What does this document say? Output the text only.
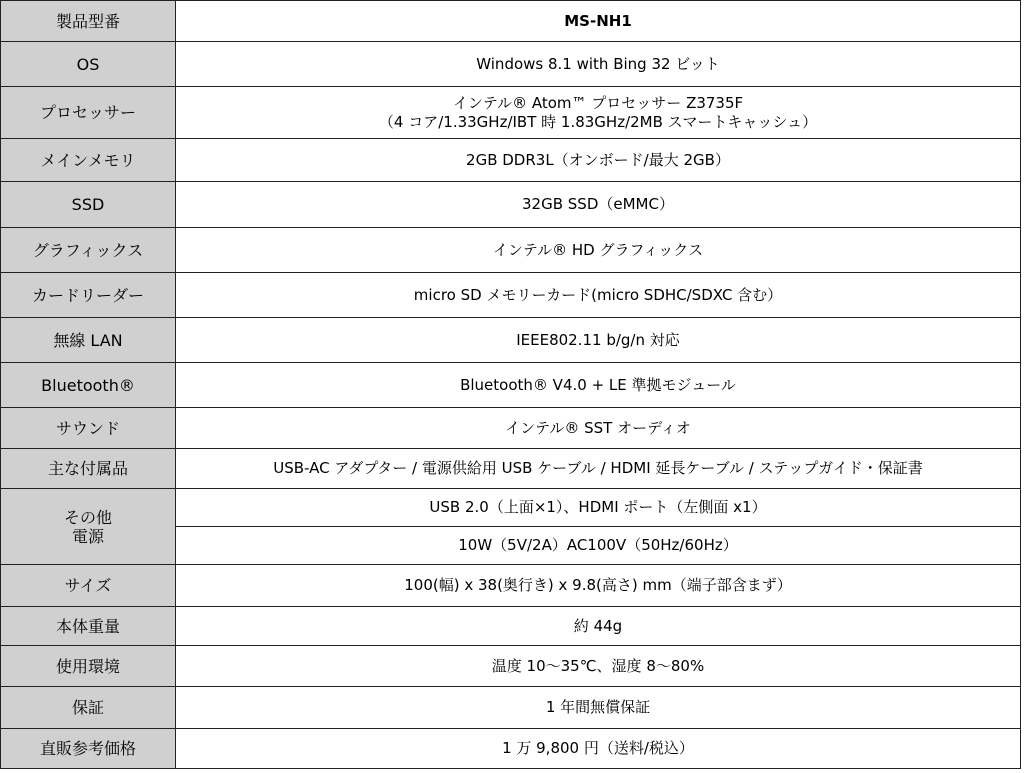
製品型番	MS-NH1
OS	Windows 8.1 with Bing 32 ビット
プロセッサー	インテル® Atom™ プロセッサー Z3735F
（4 コア/1.33GHz/IBT 時 1.83GHz/2MB スマートキャッシュ）

メインメモリ	2GB DDR3L（オンボード/最大 2GB）
SSD	32GB SSD（eMMC）
グラフィックス	インテル® HD グラフィックス
カードリーダー	micro SD メモリーカード(micro SDHC/SDXC 含む）
無線 LAN	IEEE802.11 b/g/n 対応
Bluetooth®	Bluetooth® V4.0 + LE 準拠モジュール
サウンド	インテル® SST オーディオ
主な付属品	USB-AC アダプター / 電源供給用 USB ケーブル / HDMI 延長ケーブル / ステップガイド・保証書

その他
電源	USB 2.0（上面×1）、HDMI ポート（左側面 x1）
	10W（5V/2A）AC100V（50Hz/60Hz）
サイズ	100(幅) x 38(奥行き) x 9.8(高さ) mm（端子部含まず）
本体重量	約 44g
使用環境	温度 10～35℃、湿度 8～80%
保証	1 年間無償保証
直販参考価格	1 万 9,800 円（送料/税込）
